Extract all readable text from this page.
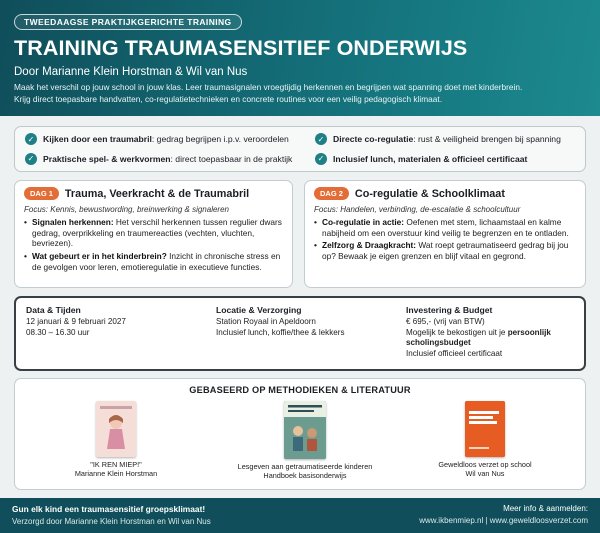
TWEEDAAGSE PRAKTIJKGERICHTE TRAINING
TRAINING TRAUMASENSITIEF ONDERWIJS
Door Marianne Klein Horstman & Wil van Nus
Maak het verschil op jouw school in jouw klas. Leer traumasignalen vroegtijdig herkennen en begrijpen wat spanning doet met kinderbrein.
Krijg direct toepasbare handvatten, co-regulatietechnieken en concrete routines voor een veilig pedagogisch klimaat.
✓	Kijken door een traumabril: gedrag begrijpen i.p.v. veroordelen	✓	Directe co-regulatie: rust & veiligheid brengen bij spanning
✓	Praktische spel- & werkvormen: direct toepasbaar in de praktijk	✓	Inclusief lunch, materialen & officieel certificaat
DAG 1	Trauma, Veerkracht & de Traumabril
Focus: Kennis, bewustwording, breinwerking & signaleren
• Signalen herkennen: Het verschil herkennen tussen regulier dwars gedrag, overprikkeling en traumereacties (vechten, vluchten, bevriezen).
• Wat gebeurt er in het kinderbrein? Inzicht in chronische stress en de gevolgen voor leren, emotieregulatie in executieve functies.
DAG 2	Co-regulatie & Schoolklimaat
Focus: Handelen, verbinding, de-escalatie & schoolcultuur
• Co-regulatie in actie: Oefenen met stem, lichaamstaal en kalme nabijheid om een overstuur kind veilig te begrenzen en te ontladen.
• Zelfzorg & Draagkracht: Wat roept getraumatiseerd gedrag bij jou op? Bewaak je eigen grenzen en blijf vitaal en gegrond.
Data & Tijden
12 januari & 9 februari 2027
08.30 – 16.30 uur
Locatie & Verzorging
Station Royaal in Apeldoorn
Inclusief lunch, koffie/thee & lekkers
Investering & Budget
€ 695,- (vrij van BTW)
Mogelijk te bekostigen uit je persoonlijk scholingsbudget
Inclusief officieel certificaat
GEBASEERD OP METHODIEKEN & LITERATUUR
"IK REN MIEP!"
Marianne Klein Horstman
Lesgeven aan getraumatiseerde kinderen
Handboek basisonderwijs
Geweldloos verzet op school
Wil van Nus
Gun elk kind een traumasensitief groepsklimaat!
Verzorgd door Marianne Klein Horstman en Wil van Nus
Meer info & aanmelden:
www.ikbenmiep.nl | www.geweldloosverzet.com
